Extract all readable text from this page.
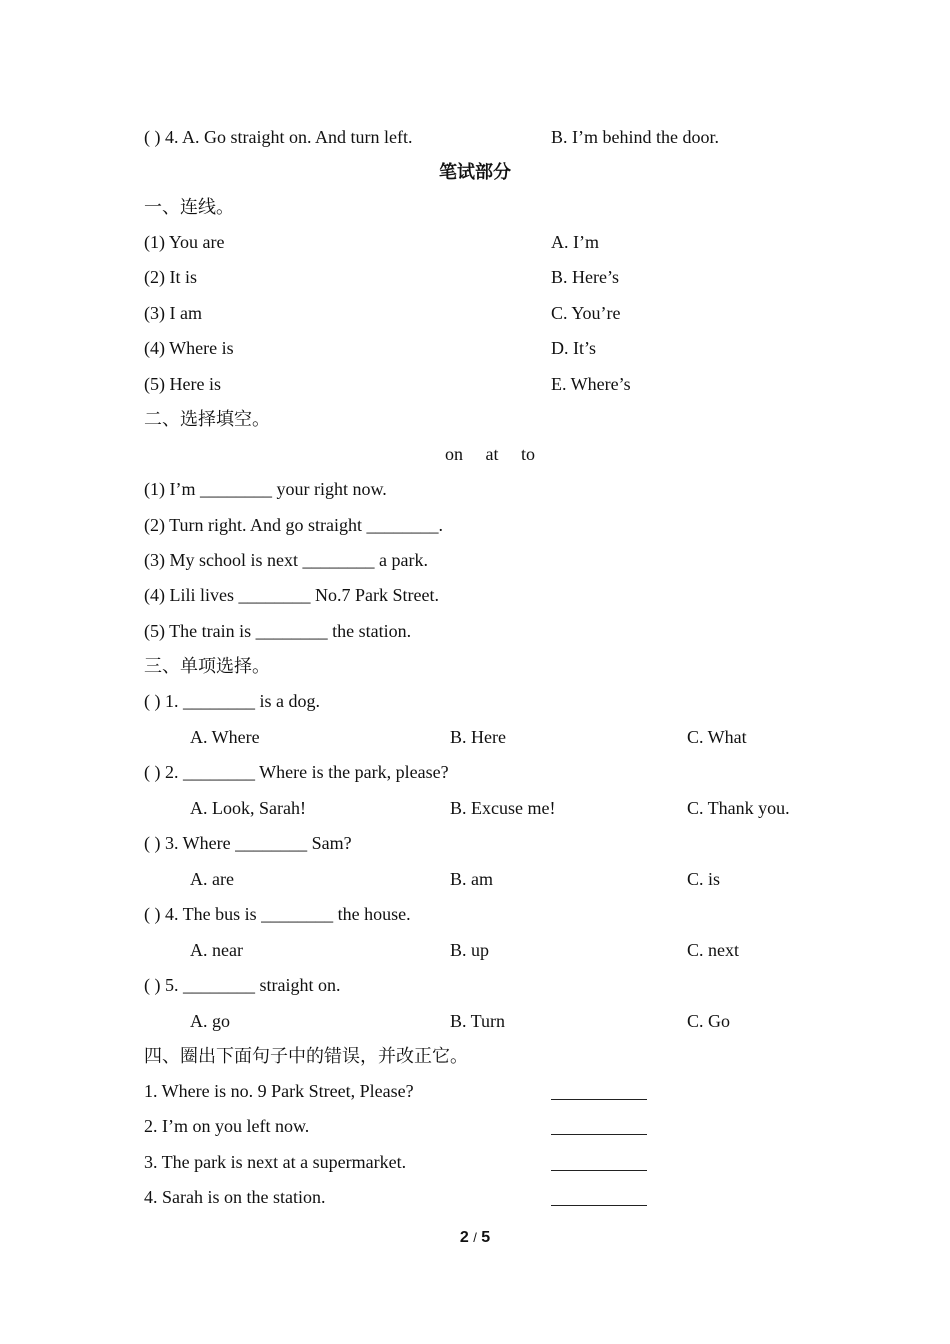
( ) 4. A. Go straight on. And turn left.	B. I’m behind the door.
笔试部分
一、连线。
(1) You are	A. I’m
(2) It is	B. Here’s
(3) I am	C. You’re
(4) Where is	D. It’s
(5) Here is	E. Where’s
二、选择填空。
on at to
(1) I’m ________ your right now.
(2) Turn right. And go straight ________.
(3) My school is next ________ a park.
(4) Lili lives ________ No.7 Park Street.
(5) The train is ________ the station.
三、单项选择。
( ) 1. ________ is a dog.
A. Where	B. Here	C. What
( ) 2. ________ Where is the park, please?
A. Look, Sarah!	B. Excuse me!	C. Thank you.
( ) 3. Where ________ Sam?
A. are	B. am	C. is
( ) 4. The bus is ________ the house.
A. near	B. up	C. next
( ) 5. ________ straight on.
A. go	B. Turn	C. Go
四、圈出下面句子中的错误，并改正它。
1. Where is no. 9 Park Street, Please?
2. I’m on you left now.
3. The park is next at a supermarket.
4. Sarah is on the station.
2 / 5
